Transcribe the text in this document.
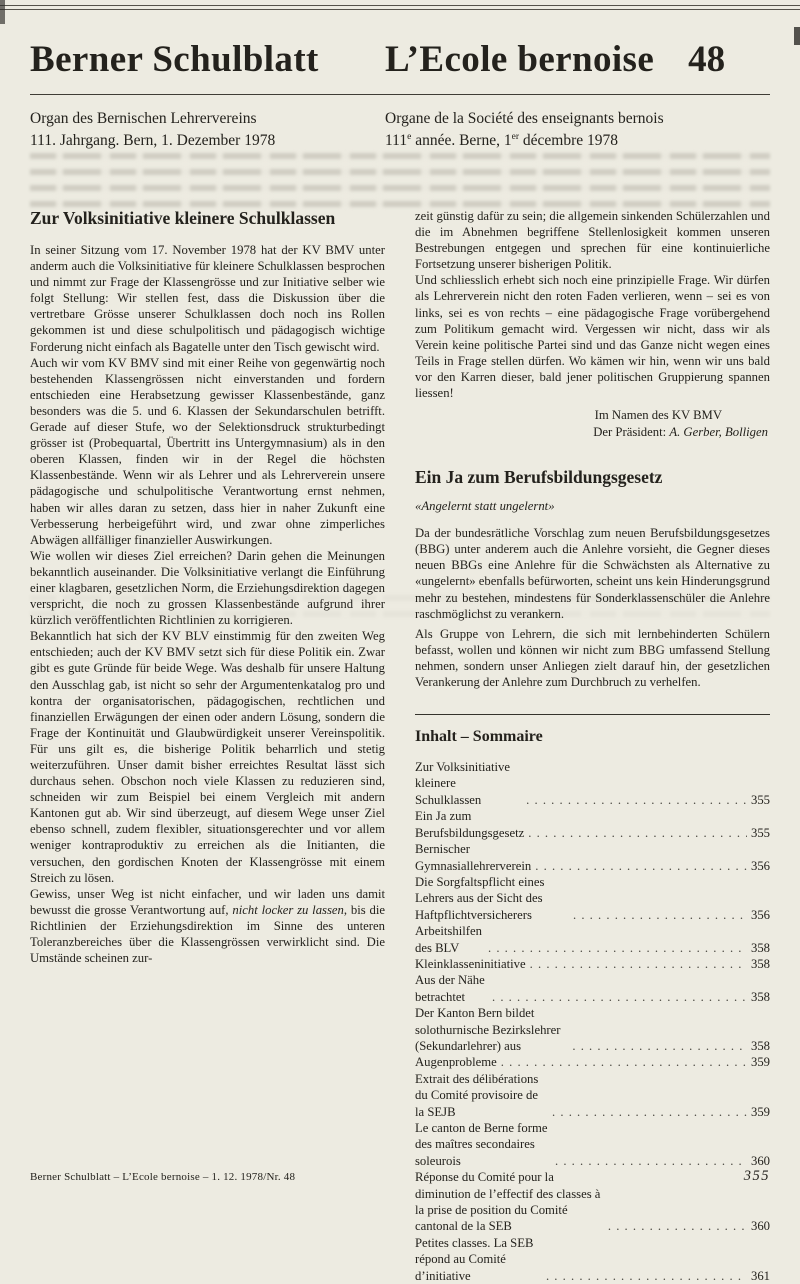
Berner Schulblatt	L’Ecole bernoise 48
Organ des Bernischen Lehrervereins
111. Jahrgang. Bern, 1. Dezember 1978
Organe de la Société des enseignants bernois
111e année. Berne, 1er décembre 1978
Zur Volksinitiative kleinere Schulklassen

In seiner Sitzung vom 17. November 1978 hat der KV BMV unter anderm auch die Volksinitiative für kleinere Schulklassen besprochen und nimmt zur Frage der Klassengrösse und zur Initiative selber wie folgt Stellung: Wir stellen fest, dass die Diskussion über die vertretbare Grösse unserer Schulklassen doch noch ins Rollen gekommen ist und diese schulpolitisch und pädagogisch wichtige Forderung nicht einfach als Bagatelle unter den Tisch gewischt wird.

Auch wir vom KV BMV sind mit einer Reihe von gegenwärtig noch bestehenden Klassengrössen nicht einverstanden und fordern entschieden eine Herabsetzung gewisser Klassenbestände, ganz besonders was die 5. und 6. Klassen der Sekundarschulen betrifft. Gerade auf dieser Stufe, wo der Selektionsdruck strukturbedingt grösser ist (Probequartal, Übertritt ins Untergymnasium) als in den oberen Klassen, finden wir in der Regel die höchsten Klassenbestände. Wenn wir als Lehrer und als Lehrerverein unsere pädagogische und schulpolitische Verantwortung ernst nehmen, haben wir alles daran zu setzen, dass hier in naher Zukunft eine Verbesserung herbeigeführt wird, und zwar ohne zimperliches Abwägen allfälliger finanzieller Auswirkungen.

Wie wollen wir dieses Ziel erreichen? Darin gehen die Meinungen bekanntlich auseinander. Die Volksinitiative verlangt die Einführung einer klagbaren, gesetzlichen Norm, die Erziehungsdirektion dagegen verspricht, die noch zu grossen Klassenbestände aufgrund ihrer kürzlich veröffentlichten Richtlinien zu korrigieren.

Bekanntlich hat sich der KV BLV einstimmig für den zweiten Weg entschieden; auch der KV BMV setzt sich für diese Politik ein. Zwar gibt es gute Gründe für beide Wege. Was deshalb für unsere Haltung den Ausschlag gab, ist nicht so sehr der Argumentenkatalog pro und kontra der organisatorischen, pädagogischen, rechtlichen und finanziellen Erwägungen der einen oder andern Lösung, sondern die Frage der Kontinuität und Glaubwürdigkeit unserer Vereinspolitik. Für uns gilt es, die bisherige Politik beharrlich und stetig weiterzuführen. Unser damit bisher erreichtes Resultat lässt sich durchaus sehen. Obschon noch viele Klassen zu reduzieren sind, schneiden wir zum Beispiel bei einem Vergleich mit andern Kantonen gut ab. Wir sind überzeugt, auf diesem Wege unser Ziel ebenso schnell, zudem flexibler, situationsgerechter und vor allem weniger kontraproduktiv zu erreichen als die Initianten, die versuchen, den gordischen Knoten der Klassengrösse mit einem Streich zu lösen.

Gewiss, unser Weg ist nicht einfacher, und wir laden uns damit bewusst die grosse Verantwortung auf, nicht locker zu lassen, bis die Richtlinien der Erziehungsdirektion im Sinne des unteren Toleranzbereiches über die Klassengrössen verwirklicht sind. Die Umstände scheinen zur-

zeit günstig dafür zu sein; die allgemein sinkenden Schülerzahlen und die im Abnehmen begriffene Stellenlosigkeit kommen unseren Bestrebungen entgegen und sprechen für eine kontinuierliche Fortsetzung unserer bisherigen Politik.

Und schliesslich erhebt sich noch eine prinzipielle Frage. Wir dürfen als Lehrerverein nicht den roten Faden verlieren, wenn – sei es von links, sei es von rechts – eine pädagogische Frage vorübergehend zum Politikum gemacht wird. Vergessen wir nicht, dass wir als Verein keine politische Partei sind und das Ganze nicht wegen eines Teils in Frage stellen dürfen. Wo kämen wir hin, wenn wir uns bald vor den Karren dieser, bald jener politischen Gruppierung spannen liessen!

Im Namen des KV BMV
Der Präsident: A. Gerber, Bolligen
Ein Ja zum Berufsbildungsgesetz

«Angelernt statt ungelernt»

Da der bundesrätliche Vorschlag zum neuen Berufsbildungsgesetzes (BBG) unter anderem auch die Anlehre vorsieht, die Gegner dieses neuen BBGs eine Anlehre für die Schwächsten als Alternative zu «ungelernt» ebenfalls befürworten, scheint uns kein Hinderungsgrund mehr zu bestehen, mindestens für Sonderklassenschüler die Anlehre raschmöglichst zu verankern.

Als Gruppe von Lehrern, die sich mit lernbehinderten Schülern befasst, wollen und können wir nicht zum BBG umfassend Stellung nehmen, sondern unser Anliegen zielt darauf hin, der gesetzlichen Verankerung der Anlehre zum Durchbruch zu verhelfen.

Inhalt – Sommaire
Zur Volksinitiative kleinere Schulklassen . . .	355
Ein Ja zum Berufsbildungsgesetz . . .	355
Bernischer Gymnasiallehrerverein . . .	356
Die Sorgfaltspflicht eines Lehrers aus der Sicht des Haftpflichtversicherers . . .	356
Arbeitshilfen des BLV . . .	358
Kleinklasseninitiative . . .	358
Aus der Nähe betrachtet . . .	358
Der Kanton Bern bildet solothurnische Bezirkslehrer (Sekundarlehrer) aus . . .	358
Augenprobleme . . .	359
Extrait des délibérations du Comité provisoire de la SEJB . . .	359
Le canton de Berne forme des maîtres secondaires soleurois . . .	360
Réponse du Comité pour la diminution de l’effectif des classes à la prise de position du Comité cantonal de la SEB . . .	360
Petites classes. La SEB répond au Comité d’initiative . . .	361
Berner Schulblatt – L’Ecole bernoise – 1. 12. 1978/Nr. 48	355
